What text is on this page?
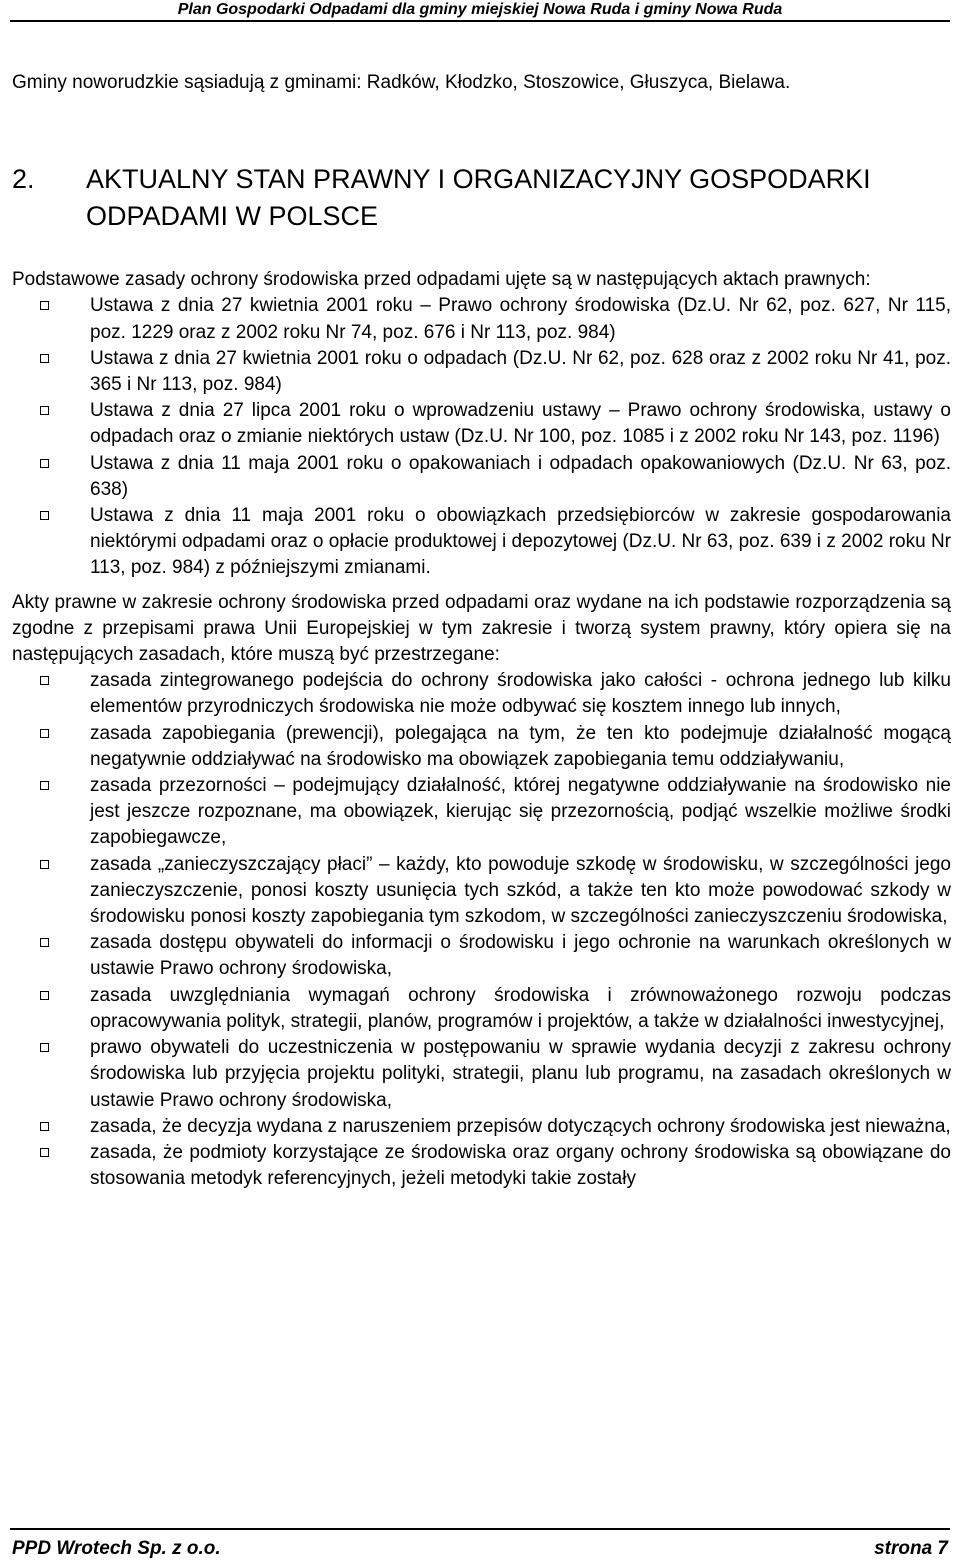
Plan Gospodarki Odpadami dla gminy miejskiej Nowa Ruda i gminy Nowa Ruda

Gminy noworudzkie sąsiadują z gminami: Radków, Kłodzko, Stoszowice, Głuszyca, Bielawa.

2. AKTUALNY STAN PRAWNY I ORGANIZACYJNY GOSPODARKI ODPADAMI W POLSCE

Podstawowe zasady ochrony środowiska przed odpadami ujęte są w następujących aktach prawnych:

Ustawa z dnia 27 kwietnia 2001 roku – Prawo ochrony środowiska (Dz.U. Nr 62, poz. 627, Nr 115, poz. 1229 oraz z 2002 roku Nr 74, poz. 676 i Nr 113, poz. 984)
Ustawa z dnia 27 kwietnia 2001 roku o odpadach (Dz.U. Nr 62, poz. 628 oraz z 2002 roku Nr 41, poz. 365 i Nr 113, poz. 984)
Ustawa z dnia 27 lipca 2001 roku o wprowadzeniu ustawy – Prawo ochrony środowiska, ustawy o odpadach oraz o zmianie niektórych ustaw (Dz.U. Nr 100, poz. 1085 i z 2002 roku Nr 143, poz. 1196)
Ustawa z dnia 11 maja 2001 roku o opakowaniach i odpadach opakowaniowych (Dz.U. Nr 63, poz. 638)
Ustawa z dnia 11 maja 2001 roku o obowiązkach przedsiębiorców w zakresie gospodarowania niektórymi odpadami oraz o opłacie produktowej i depozytowej (Dz.U. Nr 63, poz. 639 i z 2002 roku Nr 113, poz. 984) z późniejszymi zmianami.

Akty prawne w zakresie ochrony środowiska przed odpadami oraz wydane na ich podstawie rozporządzenia są zgodne z przepisami prawa Unii Europejskiej w tym zakresie i tworzą system prawny, który opiera się na następujących zasadach, które muszą być przestrzegane:

zasada zintegrowanego podejścia do ochrony środowiska jako całości - ochrona jednego lub kilku elementów przyrodniczych środowiska nie może odbywać się kosztem innego lub innych,
zasada zapobiegania (prewencji), polegająca na tym, że ten kto podejmuje działalność mogącą negatywnie oddziaływać na środowisko ma obowiązek zapobiegania temu oddziaływaniu,
zasada przezorności – podejmujący działalność, której negatywne oddziaływanie na środowisko nie jest jeszcze rozpoznane, ma obowiązek, kierując się przezornością, podjąć wszelkie możliwe środki zapobiegawcze,
zasada „zanieczyszczający płaci” – każdy, kto powoduje szkodę w środowisku, w szczególności jego zanieczyszczenie, ponosi koszty usunięcia tych szkód, a także ten kto może powodować szkody w środowisku ponosi koszty zapobiegania tym szkodom, w szczególności zanieczyszczeniu środowiska,
zasada dostępu obywateli do informacji o środowisku i jego ochronie na warunkach określonych w ustawie Prawo ochrony środowiska,
zasada uwzględniania wymagań ochrony środowiska i zrównoważonego rozwoju podczas opracowywania polityk, strategii, planów, programów i projektów, a także w działalności inwestycyjnej,
prawo obywateli do uczestniczenia w postępowaniu w sprawie wydania decyzji z zakresu ochrony środowiska lub przyjęcia projektu polityki, strategii, planu lub programu, na zasadach określonych w ustawie Prawo ochrony środowiska,
zasada, że decyzja wydana z naruszeniem przepisów dotyczących ochrony środowiska jest nieważna,
zasada, że podmioty korzystające ze środowiska oraz organy ochrony środowiska są obowiązane do stosowania metodyk referencyjnych, jeżeli metodyki takie zostały
PPD Wrotech Sp. z o.o.	strona 7
